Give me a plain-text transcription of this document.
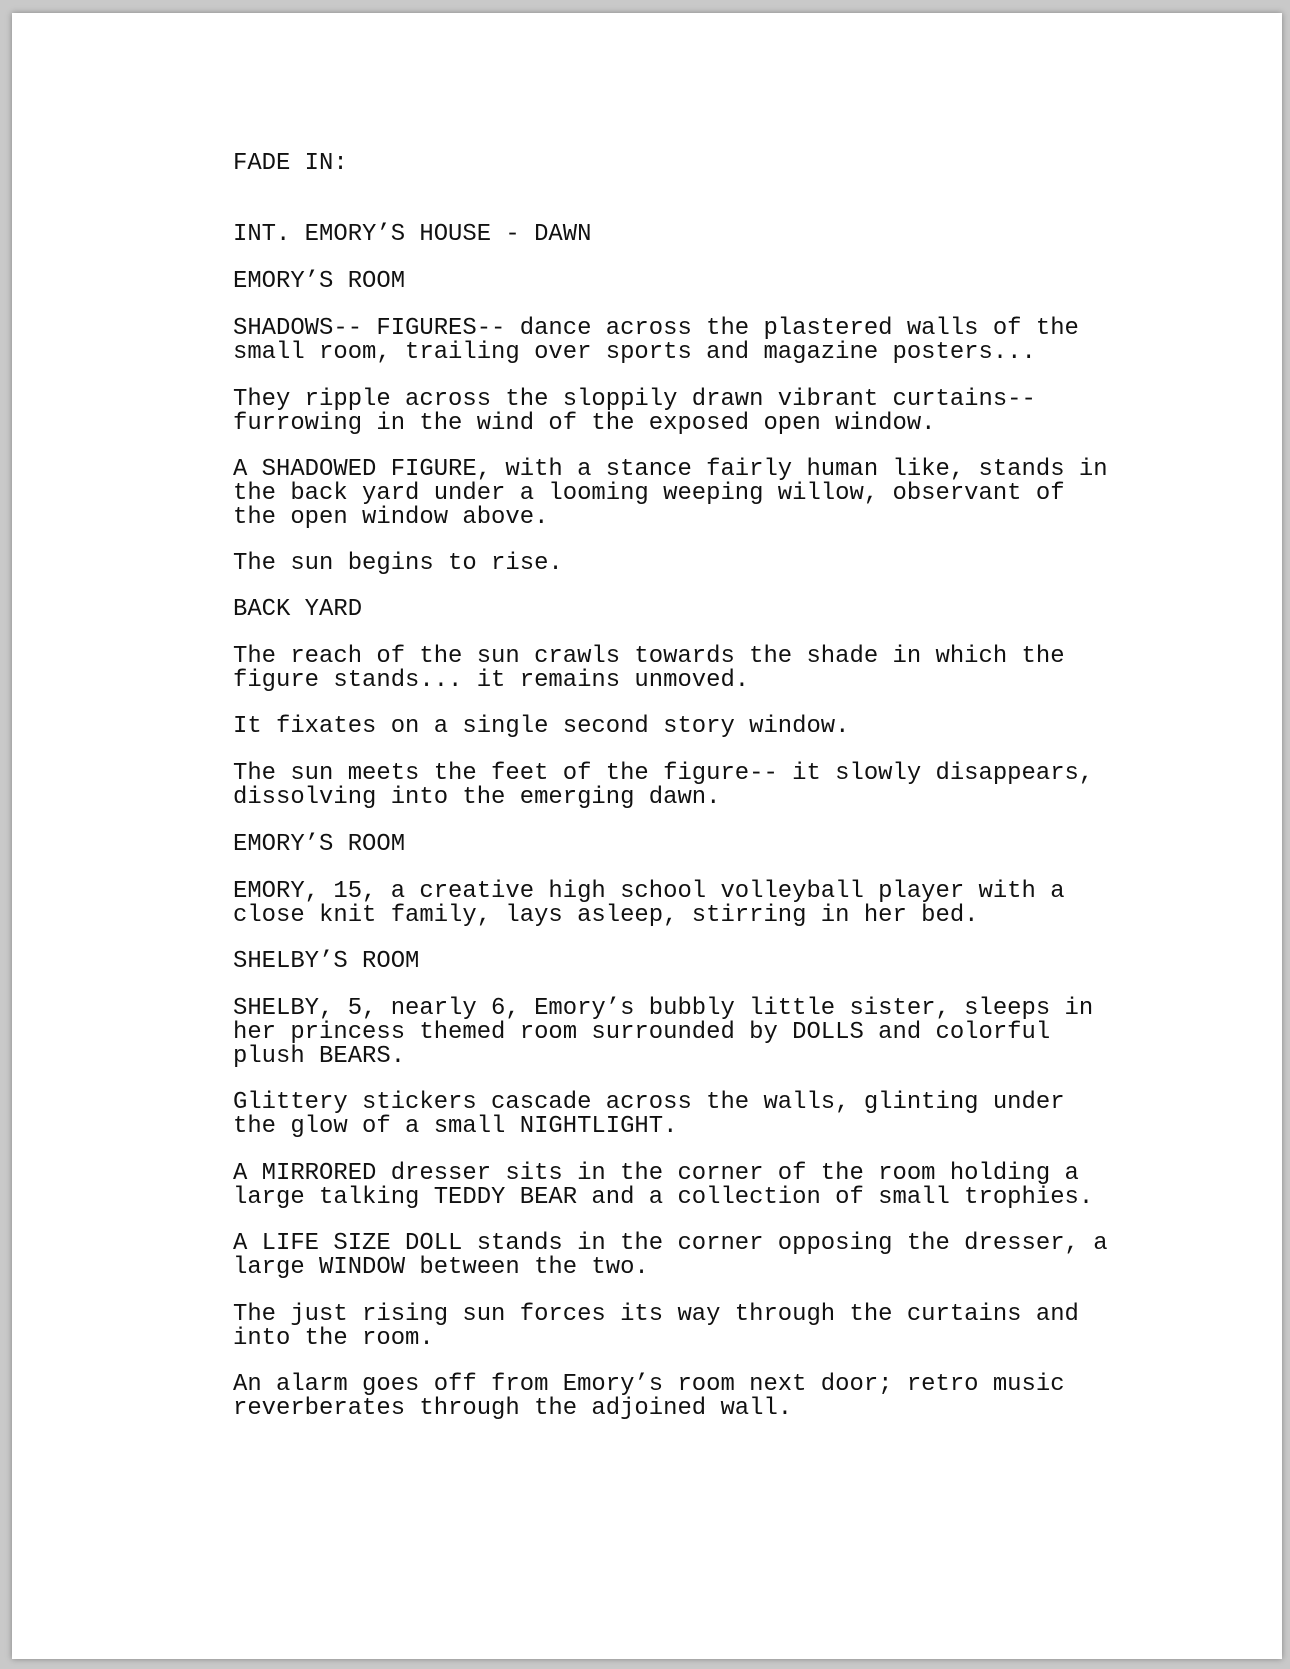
FADE IN:
INT. EMORY’S HOUSE - DAWN
EMORY’S ROOM
SHADOWS-- FIGURES-- dance across the plastered walls of the
small room, trailing over sports and magazine posters...
They ripple across the sloppily drawn vibrant curtains--
furrowing in the wind of the exposed open window.
A SHADOWED FIGURE, with a stance fairly human like, stands in
the back yard under a looming weeping willow, observant of
the open window above.
The sun begins to rise.
BACK YARD
The reach of the sun crawls towards the shade in which the
figure stands... it remains unmoved.
It fixates on a single second story window.
The sun meets the feet of the figure-- it slowly disappears,
dissolving into the emerging dawn.
EMORY’S ROOM
EMORY, 15, a creative high school volleyball player with a
close knit family, lays asleep, stirring in her bed.
SHELBY’S ROOM
SHELBY, 5, nearly 6, Emory’s bubbly little sister, sleeps in
her princess themed room surrounded by DOLLS and colorful
plush BEARS.
Glittery stickers cascade across the walls, glinting under
the glow of a small NIGHTLIGHT.
A MIRRORED dresser sits in the corner of the room holding a
large talking TEDDY BEAR and a collection of small trophies.
A LIFE SIZE DOLL stands in the corner opposing the dresser, a
large WINDOW between the two.
The just rising sun forces its way through the curtains and
into the room.
An alarm goes off from Emory’s room next door; retro music
reverberates through the adjoined wall.
